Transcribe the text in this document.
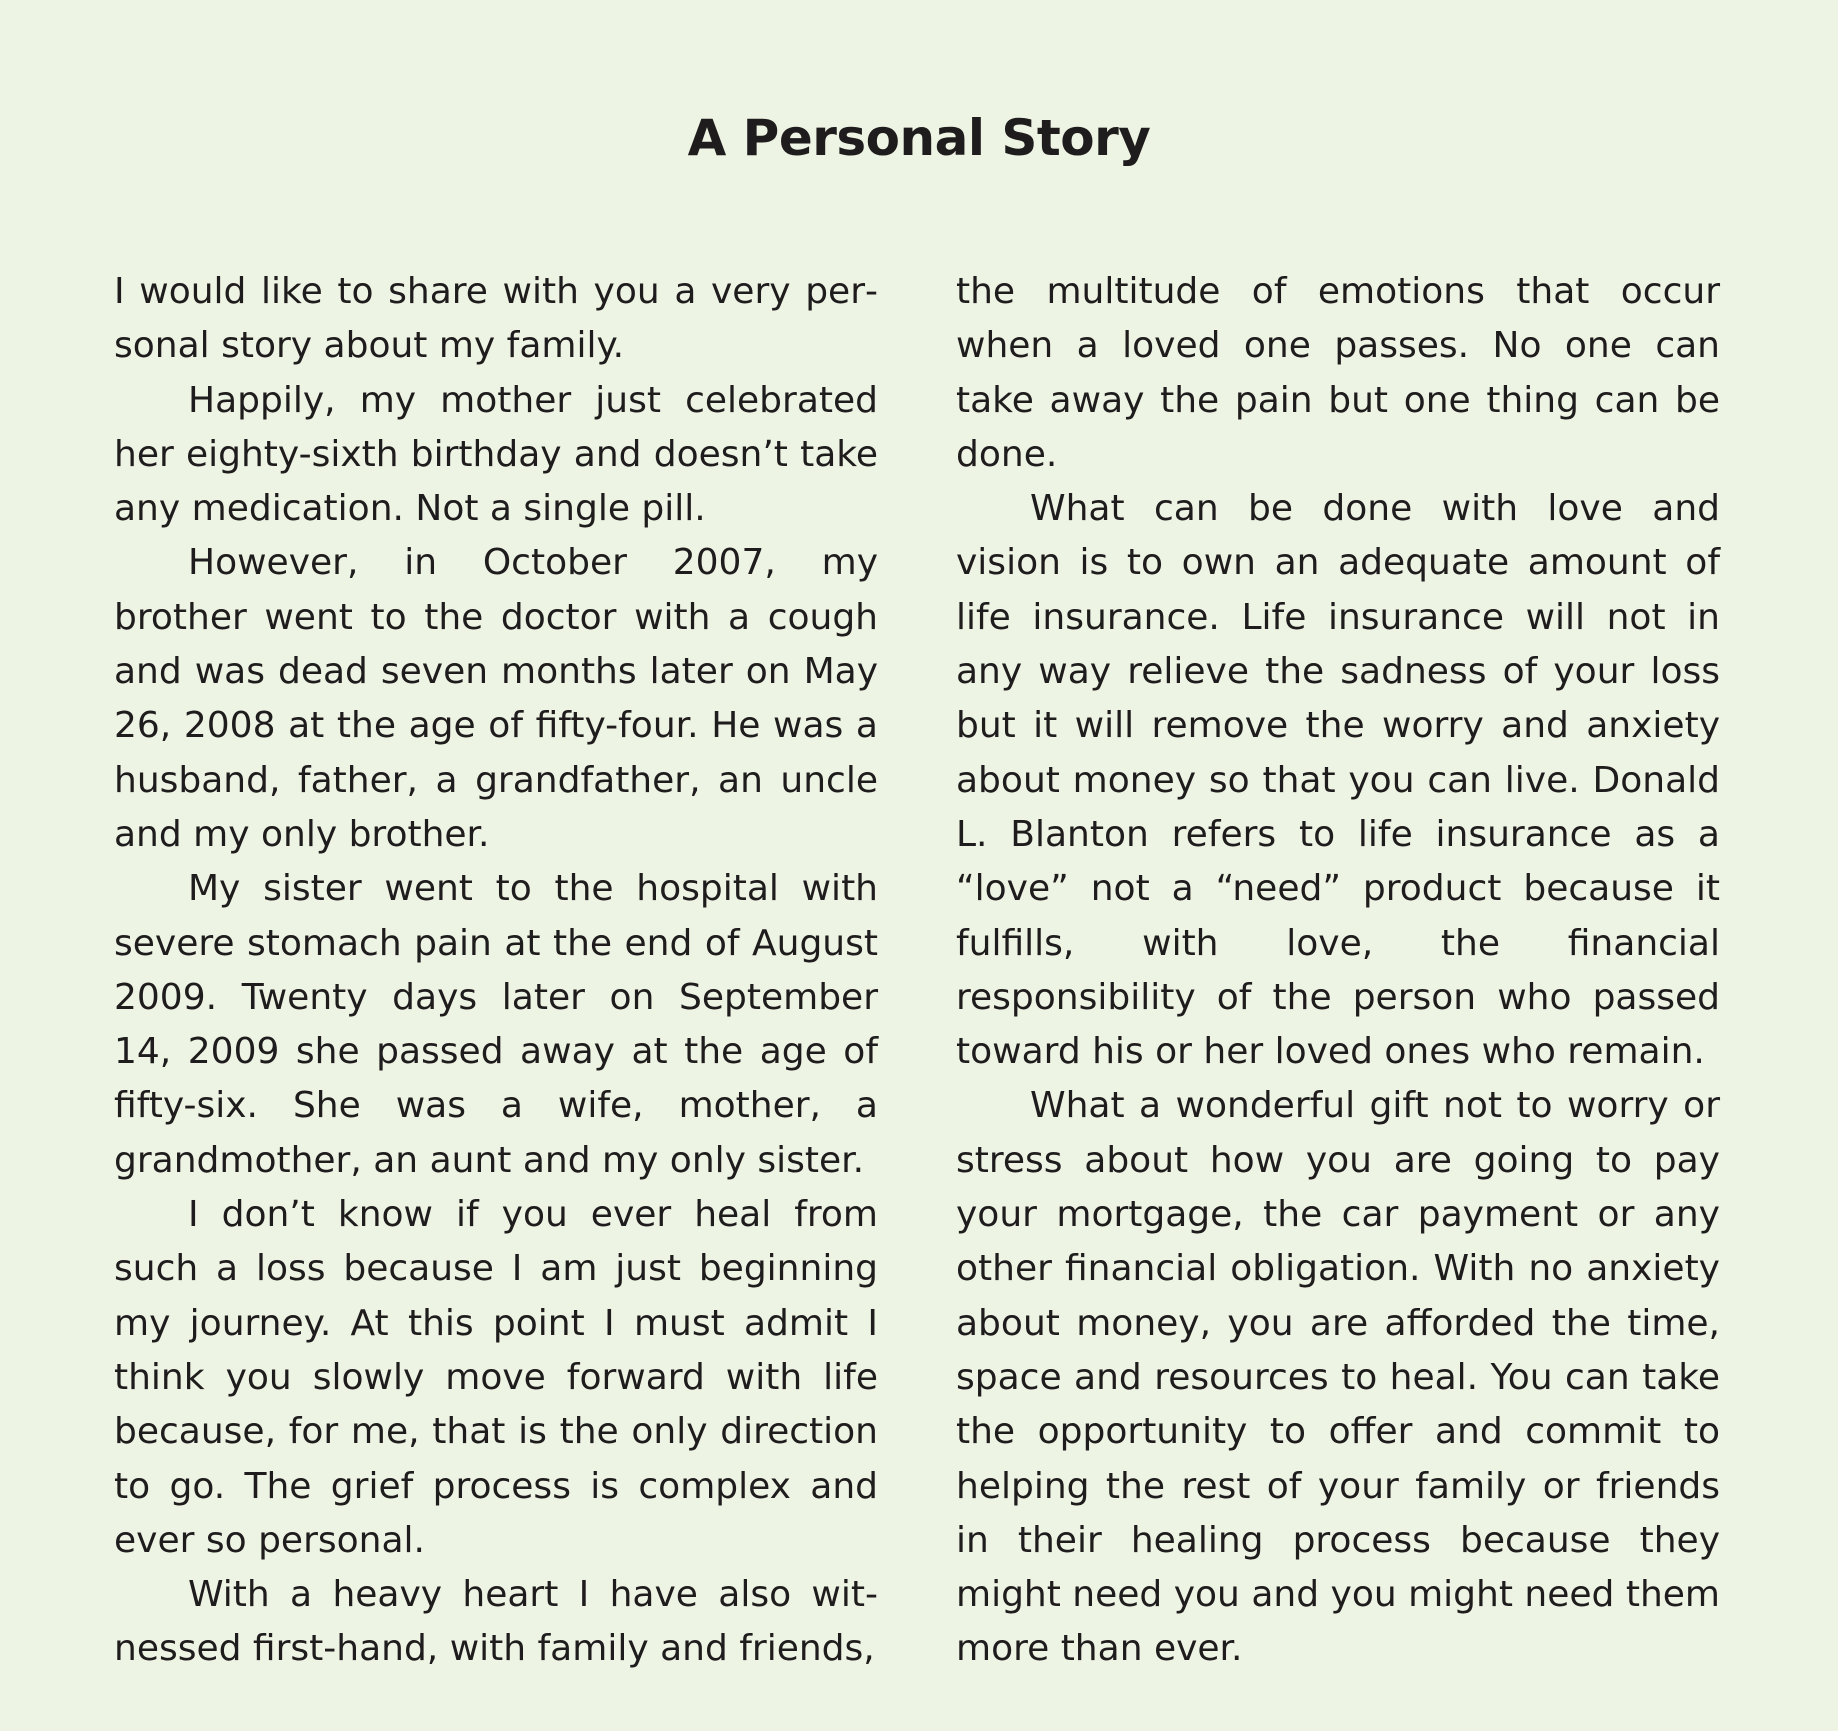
A Personal Story

I would like to share with you a very personal story about my family.

Happily, my mother just celebrated her eighty-sixth birthday and doesn’t take any medication. Not a single pill.

However, in October 2007, my brother went to the doctor with a cough and was dead seven months later on May 26, 2008 at the age of fifty-four. He was a husband, father, a grandfather, an uncle and my only brother.

My sister went to the hospital with severe stomach pain at the end of August 2009. Twenty days later on September 14, 2009 she passed away at the age of fifty-six. She was a wife, mother, a grandmother, an aunt and my only sister.

I don’t know if you ever heal from such a loss because I am just beginning my journey. At this point I must admit I think you slowly move forward with life because, for me, that is the only direction to go. The grief process is complex and ever so personal.

With a heavy heart I have also witnessed first-hand, with family and friends,

the multitude of emotions that occur when a loved one passes. No one can take away the pain but one thing can be done.

What can be done with love and vision is to own an adequate amount of life insurance. Life insurance will not in any way relieve the sadness of your loss but it will remove the worry and anxiety about money so that you can live. Donald L. Blanton refers to life insurance as a “love” not a “need” product because it fulfills, with love, the financial responsibility of the person who passed toward his or her loved ones who remain.

What a wonderful gift not to worry or stress about how you are going to pay your mortgage, the car payment or any other financial obligation. With no anxiety about money, you are afforded the time, space and resources to heal. You can take the opportunity to offer and commit to helping the rest of your family or friends in their healing process because they might need you and you might need them more than ever.
